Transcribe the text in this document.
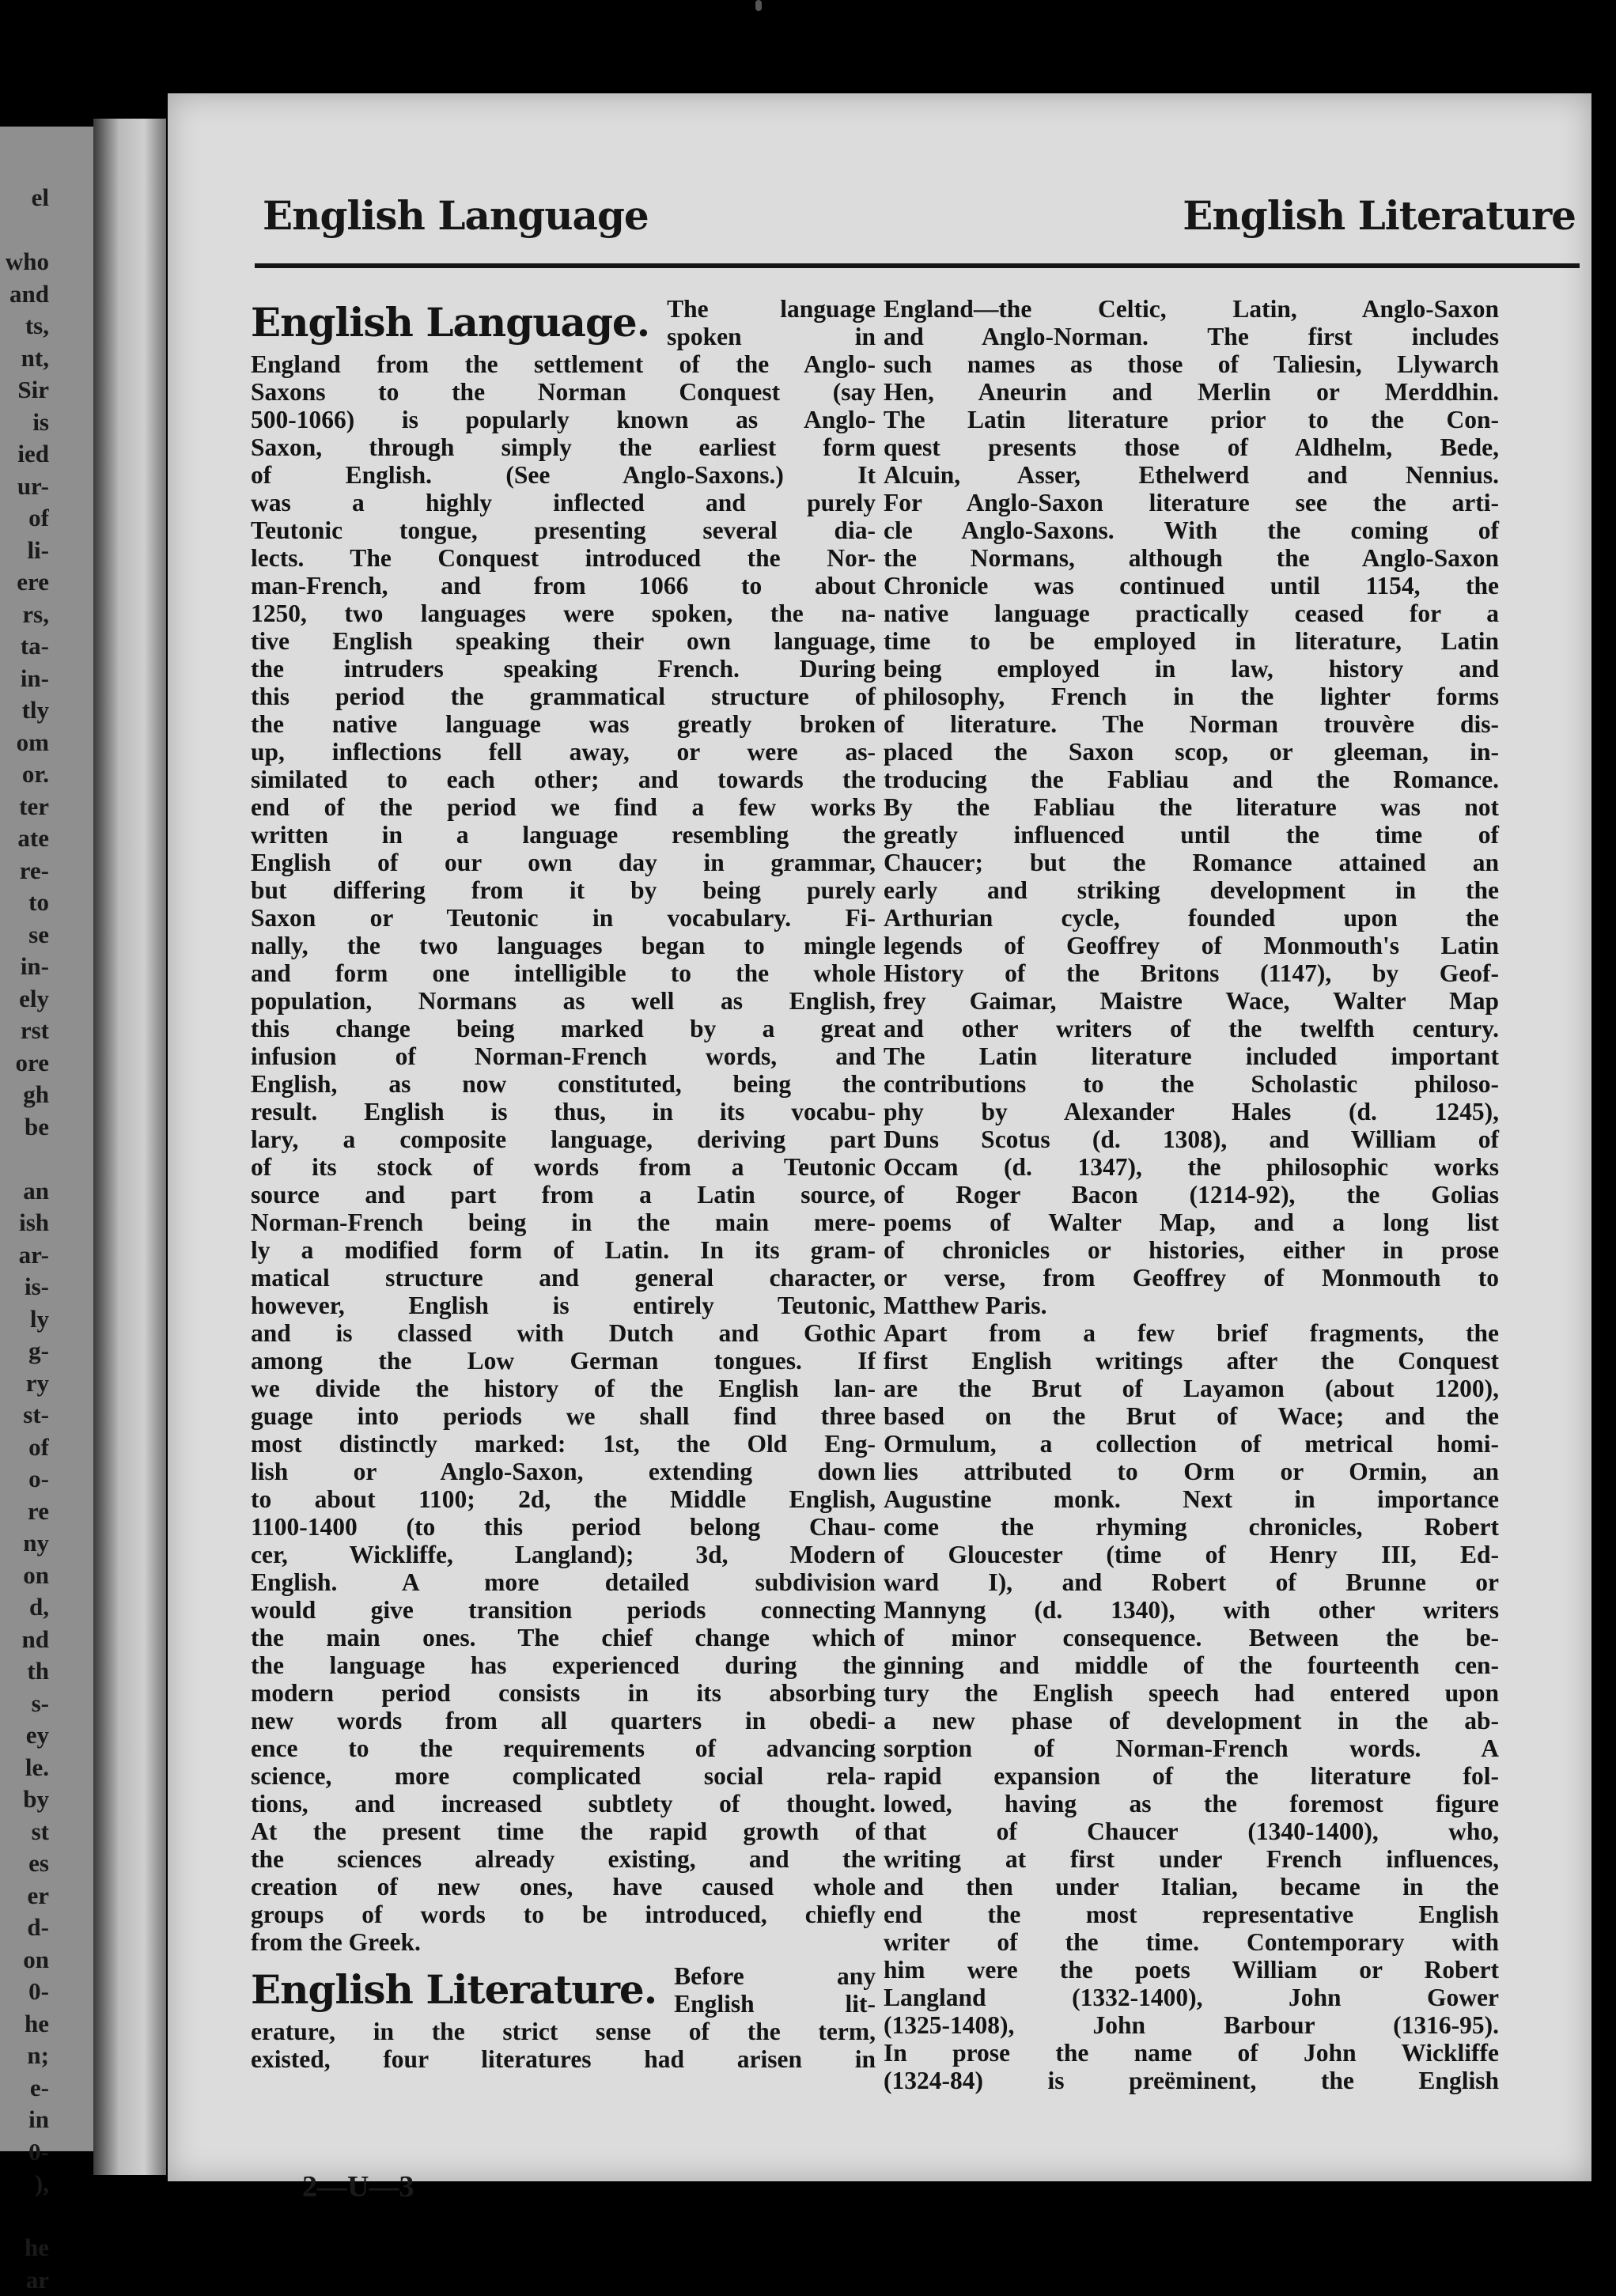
el
who
and
ts,
nt,
Sir
is
ied
ur-
of
li-
ere
rs,
ta-
in-
tly
om
or.
ter
ate
re-
to
se
in-
ely
rst
ore
gh
be
an
ish
ar-
is-
ly
g-
ry
st-
of
o-
re
ny
on
d,
nd
th
s-
ey
le.
by
st
es
er
d-
on
0-
he
n;
e-
in
0-
),
he
ar
English Language	English Literature
English Language. The language
spoken in
England from the settlement of the Anglo-
Saxons to the Norman Conquest (say
500-1066) is popularly known as Anglo-
Saxon, through simply the earliest form
of English. (See Anglo-Saxons.) It
was a highly inflected and purely
Teutonic tongue, presenting several dia-
lects. The Conquest introduced the Nor-
man-French, and from 1066 to about
1250, two languages were spoken, the na-
tive English speaking their own language,
the intruders speaking French. During
this period the grammatical structure of
the native language was greatly broken
up, inflections fell away, or were as-
similated to each other; and towards the
end of the period we find a few works
written in a language resembling the
English of our own day in grammar,
but differing from it by being purely
Saxon or Teutonic in vocabulary. Fi-
nally, the two languages began to mingle
and form one intelligible to the whole
population, Normans as well as English,
this change being marked by a great
infusion of Norman-French words, and
English, as now constituted, being the
result. English is thus, in its vocabu-
lary, a composite language, deriving part
of its stock of words from a Teutonic
source and part from a Latin source,
Norman-French being in the main mere-
ly a modified form of Latin. In its gram-
matical structure and general character,
however, English is entirely Teutonic,
and is classed with Dutch and Gothic
among the Low German tongues. If
we divide the history of the English lan-
guage into periods we shall find three
most distinctly marked: 1st, the Old Eng-
lish or Anglo-Saxon, extending down
to about 1100; 2d, the Middle English,
1100-1400 (to this period belong Chau-
cer, Wickliffe, Langland); 3d, Modern
English. A more detailed subdivision
would give transition periods connecting
the main ones. The chief change which
the language has experienced during the
modern period consists in its absorbing
new words from all quarters in obedi-
ence to the requirements of advancing
science, more complicated social rela-
tions, and increased subtlety of thought.
At the present time the rapid growth of
the sciences already existing, and the
creation of new ones, have caused whole
groups of words to be introduced, chiefly
from the Greek.
English Literature. Before any
English lit-
erature, in the strict sense of the term,
existed, four literatures had arisen in
England—the Celtic, Latin, Anglo-Saxon
and Anglo-Norman. The first includes
such names as those of Taliesin, Llywarch
Hen, Aneurin and Merlin or Merddhin.
The Latin literature prior to the Con-
quest presents those of Aldhelm, Bede,
Alcuin, Asser, Ethelwerd and Nennius.
For Anglo-Saxon literature see the arti-
cle Anglo-Saxons. With the coming of
the Normans, although the Anglo-Saxon
Chronicle was continued until 1154, the
native language practically ceased for a
time to be employed in literature, Latin
being employed in law, history and
philosophy, French in the lighter forms
of literature. The Norman trouvère dis-
placed the Saxon scop, or gleeman, in-
troducing the Fabliau and the Romance.
By the Fabliau the literature was not
greatly influenced until the time of
Chaucer; but the Romance attained an
early and striking development in the
Arthurian cycle, founded upon the
legends of Geoffrey of Monmouth's Latin
History of the Britons (1147), by Geof-
frey Gaimar, Maistre Wace, Walter Map
and other writers of the twelfth century.
The Latin literature included important
contributions to the Scholastic philoso-
phy by Alexander Hales (d. 1245),
Duns Scotus (d. 1308), and William of
Occam (d. 1347), the philosophic works
of Roger Bacon (1214-92), the Golias
poems of Walter Map, and a long list
of chronicles or histories, either in prose
or verse, from Geoffrey of Monmouth to
Matthew Paris.
Apart from a few brief fragments, the
first English writings after the Conquest
are the Brut of Layamon (about 1200),
based on the Brut of Wace; and the
Ormulum, a collection of metrical homi-
lies attributed to Orm or Ormin, an
Augustine monk. Next in importance
come the rhyming chronicles, Robert
of Gloucester (time of Henry III, Ed-
ward I), and Robert of Brunne or
Mannyng (d. 1340), with other writers
of minor consequence. Between the be-
ginning and middle of the fourteenth cen-
tury the English speech had entered upon
a new phase of development in the ab-
sorption of Norman-French words. A
rapid expansion of the literature fol-
lowed, having as the foremost figure
that of Chaucer (1340-1400), who,
writing at first under French influences,
and then under Italian, became in the
end the most representative English
writer of the time. Contemporary with
him were the poets William or Robert
Langland (1332-1400), John Gower
(1325-1408), John Barbour (1316-95).
In prose the name of John Wickliffe
(1324-84) is preëminent, the English
2—U—3
